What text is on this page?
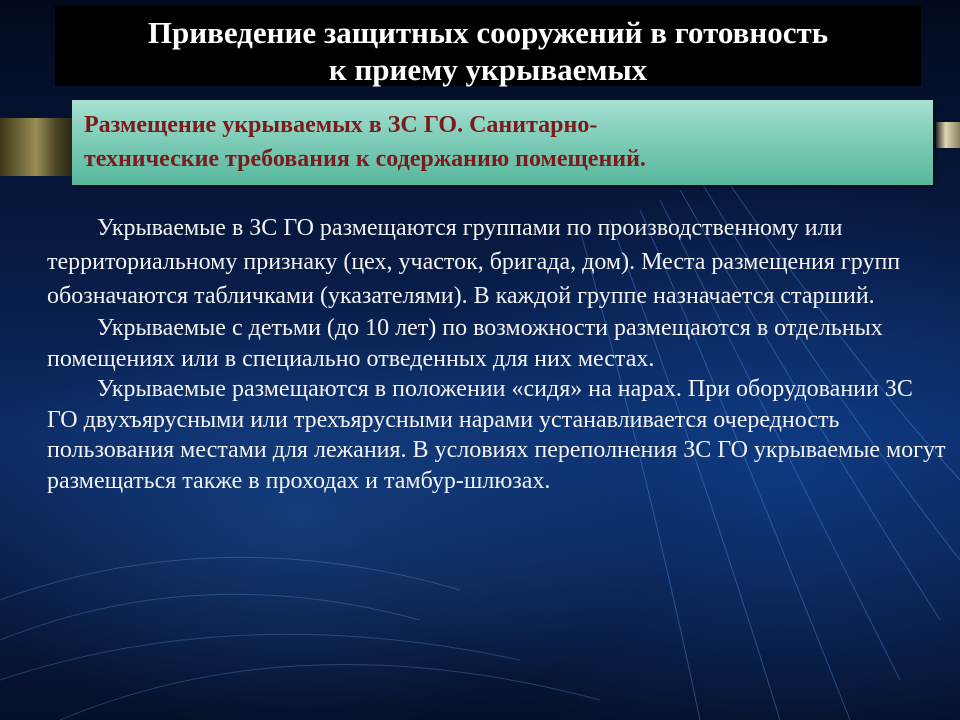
Приведение защитных сооружений в готовность
к приему укрываемых
Размещение укрываемых в ЗС ГО. Санитарно-
технические требования к содержанию помещений.

Укрываемые в ЗС ГО размещаются группами по производственному или территориальному признаку (цех, участок, бригада, дом). Места размещения групп обозначаются табличками (указателями). В каждой группе назначается старший.

Укрываемые с детьми (до 10 лет) по возможности размещаются в отдельных помещениях или в специально отведенных для них местах.

Укрываемые размещаются в положении «сидя» на нарах. При оборудовании ЗС ГО двухъярусными или трехъярусными нарами устанавливается очередность пользования местами для лежания. В условиях переполнения ЗС ГО укрываемые могут размещаться также в проходах и тамбур-шлюзах.
